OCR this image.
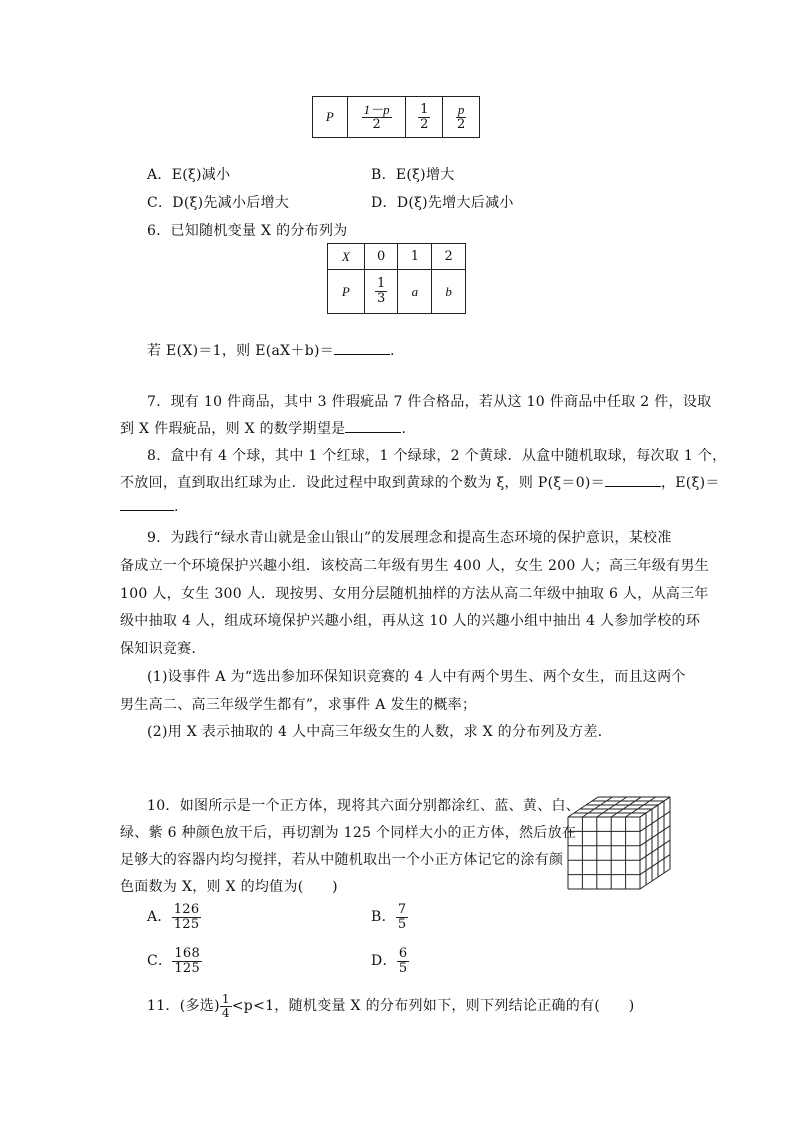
P	$\frac{1-p}{2}$	$\frac{1}{2}$	$\frac{p}{2}$
A．E(ξ)减小	B．E(ξ)增大
C．D(ξ)先减小后增大	D．D(ξ)先增大后减小
6．已知随机变量 X 的分布列为
X	0	1	2
P	$\frac{1}{3}$	a	b
若 E(X)＝1，则 E(aX＋b)＝	.
7．现有 10 件商品，其中 3 件瑕疵品 7 件合格品，若从这 10 件商品中任取 2 件，设取
到 X 件瑕疵品，则 X 的数学期望是	.
8．盒中有 4 个球，其中 1 个红球，1 个绿球，2 个黄球．从盒中随机取球，每次取 1 个，
不放回，直到取出红球为止．设此过程中取到黄球的个数为 ξ，则 P(ξ＝0)＝	，E(ξ)＝
.
9．为践行“绿水青山就是金山银山”的发展理念和提高生态环境的保护意识，某校准
备成立一个环境保护兴趣小组．该校高二年级有男生 400 人，女生 200 人；高三年级有男生
100 人，女生 300 人．现按男、女用分层随机抽样的方法从高二年级中抽取 6 人，从高三年
级中抽取 4 人，组成环境保护兴趣小组，再从这 10 人的兴趣小组中抽出 4 人参加学校的环
保知识竞赛．
(1)设事件 A 为“选出参加环保知识竞赛的 4 人中有两个男生、两个女生，而且这两个
男生高二、高三年级学生都有”，求事件 A 发生的概率；
(2)用 X 表示抽取的 4 人中高三年级女生的人数，求 X 的分布列及方差．
10．如图所示是一个正方体，现将其六面分别都涂红、蓝、黄、白、
绿、紫 6 种颜色放干后，再切割为 125 个同样大小的正方体，然后放在
足够大的容器内均匀搅拌，若从中随机取出一个小正方体记它的涂有颜
色面数为 X，则 X 的均值为(　　)
A． $\frac{126}{125}$	B． $\frac{7}{5}$
C． $\frac{168}{125}$	D． $\frac{6}{5}$
11．(多选) $\frac{1}{4} <p<1$，随机变量 X 的分布列如下，则下列结论正确的有(　　)
